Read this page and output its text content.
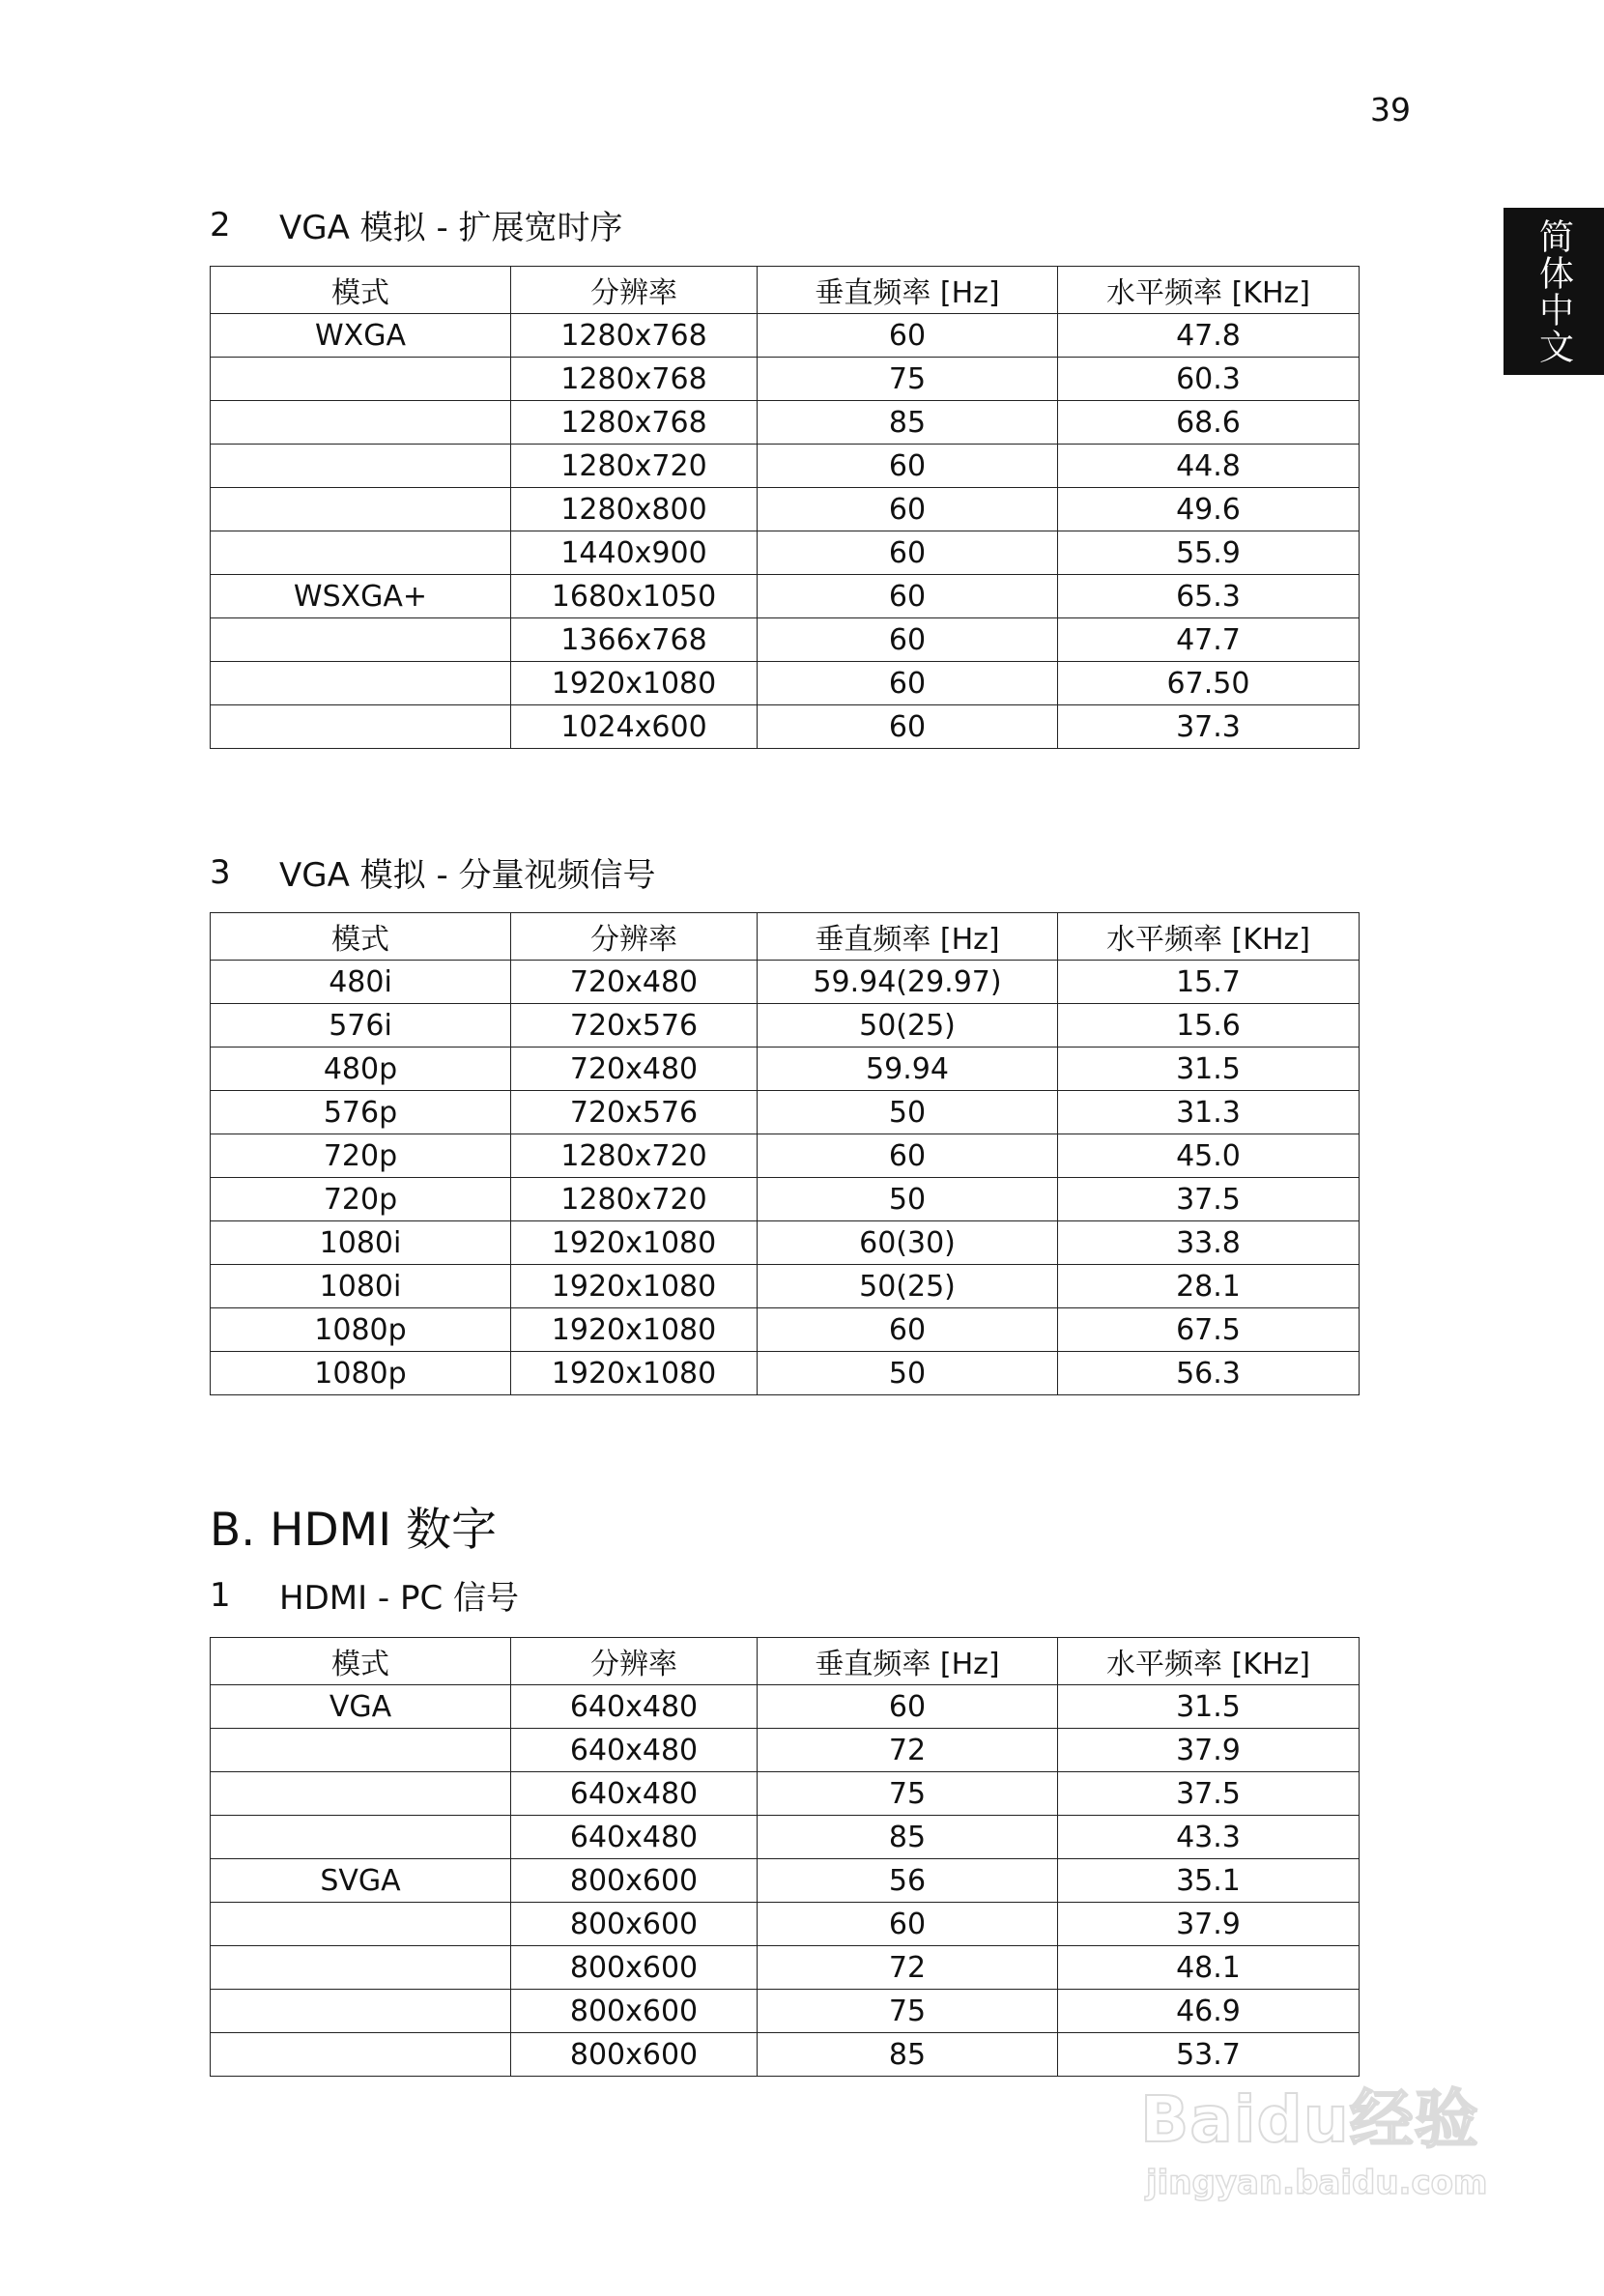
39
简体中文
2	VGA 模拟 - 扩展宽时序
模式	分辨率	垂直频率 [Hz]	水平频率 [KHz]
WXGA	1280x768	60	47.8
	1280x768	75	60.3
	1280x768	85	68.6
	1280x720	60	44.8
	1280x800	60	49.6
	1440x900	60	55.9
WSXGA+	1680x1050	60	65.3
	1366x768	60	47.7
	1920x1080	60	67.50
	1024x600	60	37.3
3	VGA 模拟 - 分量视频信号
模式	分辨率	垂直频率 [Hz]	水平频率 [KHz]
480i	720x480	59.94(29.97)	15.7
576i	720x576	50(25)	15.6
480p	720x480	59.94	31.5
576p	720x576	50	31.3
720p	1280x720	60	45.0
720p	1280x720	50	37.5
1080i	1920x1080	60(30)	33.8
1080i	1920x1080	50(25)	28.1
1080p	1920x1080	60	67.5
1080p	1920x1080	50	56.3
B. HDMI 数字
1	HDMI - PC 信号
模式	分辨率	垂直频率 [Hz]	水平频率 [KHz]
VGA	640x480	60	31.5
	640x480	72	37.9
	640x480	75	37.5
	640x480	85	43.3
SVGA	800x600	56	35.1
	800x600	60	37.9
	800x600	72	48.1
	800x600	75	46.9
	800x600	85	53.7
Baidu经验
jingyan.baidu.com
